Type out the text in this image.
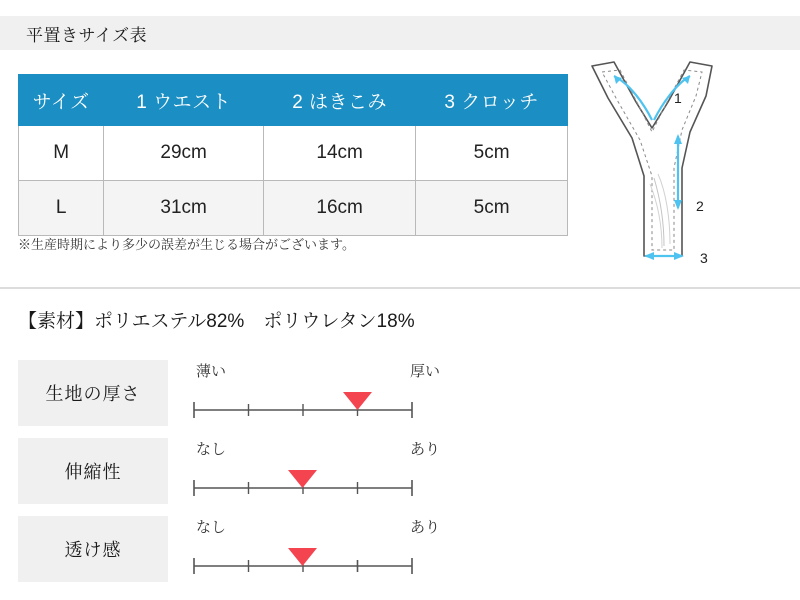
平置きサイズ表
サイズ	1 ウエスト	2 はきこみ	3 クロッチ
M	29cm	14cm	5cm
L	31cm	16cm	5cm
※生産時期により多少の誤差が生じる場合がございます。
1
2
3
【素材】ポリエステル82%　ポリウレタン18%
生地の厚さ
薄い	厚い
伸縮性
なし	あり
透け感
なし	あり
